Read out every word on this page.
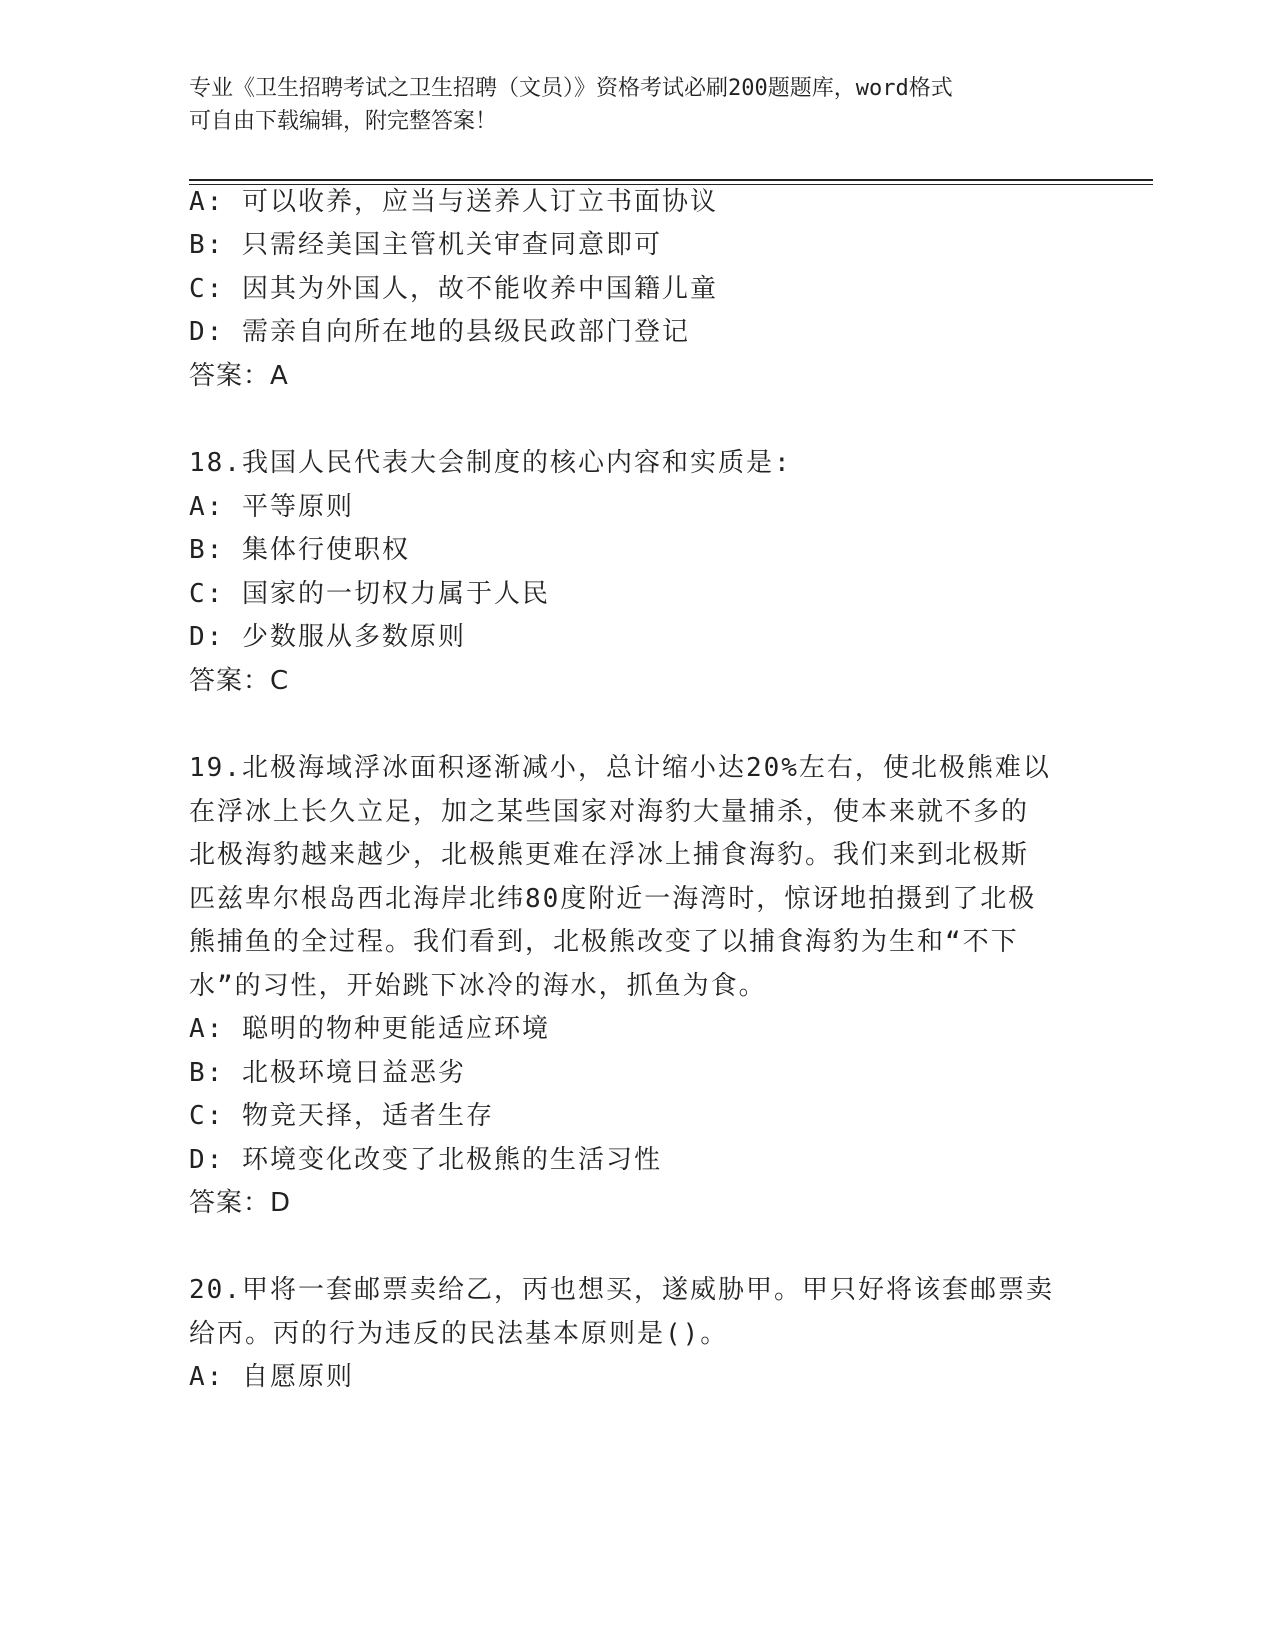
专业《卫生招聘考试之卫生招聘（文员）》资格考试必刷200题题库，word格式
可自由下载编辑，附完整答案！
A: 可以收养，应当与送养人订立书面协议
B: 只需经美国主管机关审查同意即可
C: 因其为外国人，故不能收养中国籍儿童
D: 需亲自向所在地的县级民政部门登记
答案：A
18.我国人民代表大会制度的核心内容和实质是:
A: 平等原则
B: 集体行使职权
C: 国家的一切权力属于人民
D: 少数服从多数原则
答案：C
19.北极海域浮冰面积逐渐减小，总计缩小达20%左右，使北极熊难以
在浮冰上长久立足，加之某些国家对海豹大量捕杀，使本来就不多的
北极海豹越来越少，北极熊更难在浮冰上捕食海豹。我们来到北极斯
匹兹卑尔根岛西北海岸北纬80度附近一海湾时，惊讶地拍摄到了北极
熊捕鱼的全过程。我们看到，北极熊改变了以捕食海豹为生和“不下
水”的习性，开始跳下冰冷的海水，抓鱼为食。
A: 聪明的物种更能适应环境
B: 北极环境日益恶劣
C: 物竞天择，适者生存
D: 环境变化改变了北极熊的生活习性
答案：D
20.甲将一套邮票卖给乙，丙也想买，遂威胁甲。甲只好将该套邮票卖
给丙。丙的行为违反的民法基本原则是()。
A: 自愿原则
